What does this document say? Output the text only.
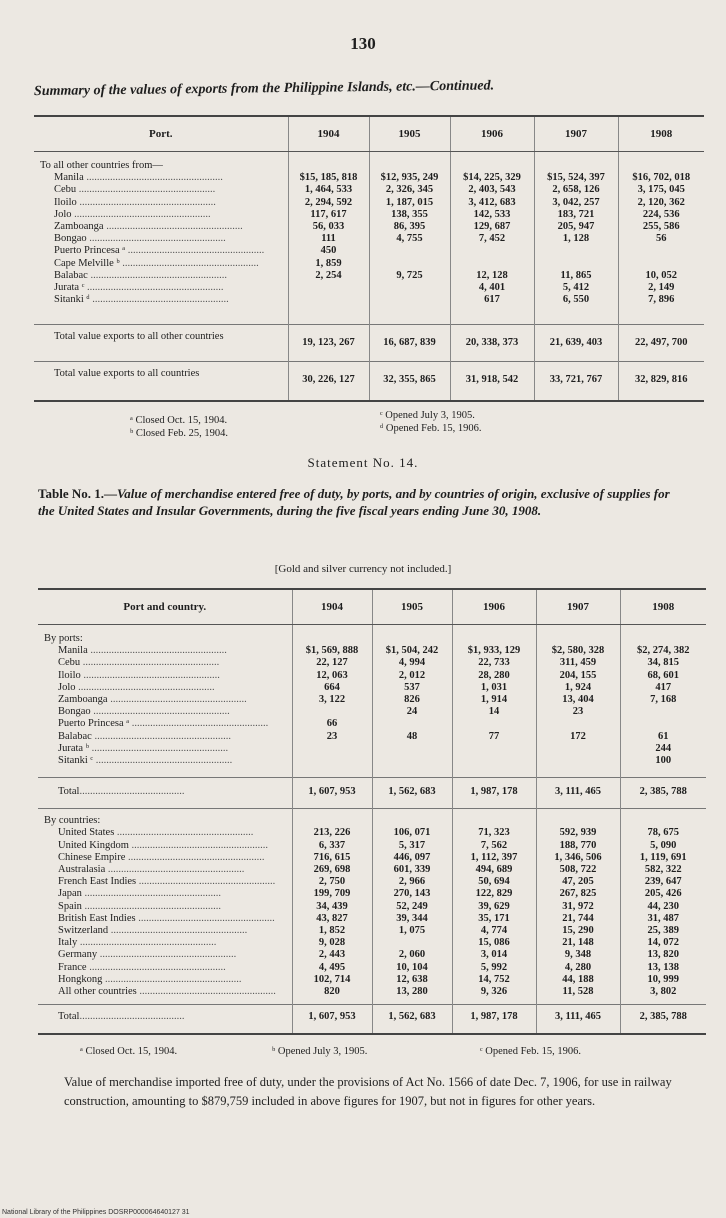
130
Summary of the values of exports from the Philippine Islands, etc.—Continued.
Port.	1904	1905	1906	1907	1908

To all other countries from—					
Manila ....................................................	$15, 185, 818	$12, 935, 249	$14, 225, 329	$15, 524, 397	$16, 702, 018
Cebu ....................................................	1, 464, 533	2, 326, 345	2, 403, 543	2, 658, 126	3, 175, 045
Iloilo ....................................................	2, 294, 592	1, 187, 015	3, 412, 683	3, 042, 257	2, 120, 362
Jolo ....................................................	117, 617	138, 355	142, 533	183, 721	224, 536
Zamboanga ....................................................	56, 033	86, 395	129, 687	205, 947	255, 586
Bongao ....................................................	111	4, 755	7, 452	1, 128	56
Puerto Princesa ᵃ ....................................................	450				
Cape Melville ᵇ ....................................................	1, 859				
Balabac ....................................................	2, 254	9, 725	12, 128	11, 865	10, 052
Jurata ᶜ ....................................................			4, 401	5, 412	2, 149
Sitanki ᵈ ....................................................			617	6, 550	7, 896

Total value exports to all other countries	19, 123, 267	16, 687, 839	20, 338, 373	21, 639, 403	22, 497, 700
Total value exports to all countries	30, 226, 127	32, 355, 865	31, 918, 542	33, 721, 767	32, 829, 816
ᵃ Closed Oct. 15, 1904.
ᵇ Closed Feb. 25, 1904.
ᶜ Opened July 3, 1905.
ᵈ Opened Feb. 15, 1906.
Statement No. 14.
Table No. 1.—Value of merchandise entered free of duty, by ports, and by countries of origin, exclusive of supplies for the United States and Insular Governments, during the five fiscal years ending June 30, 1908.
[Gold and silver currency not included.]
Port and country.	1904	1905	1906	1907	1908

By ports:					
Manila ....................................................	$1, 569, 888	$1, 504, 242	$1, 933, 129	$2, 580, 328	$2, 274, 382
Cebu ....................................................	22, 127	4, 994	22, 733	311, 459	34, 815
Iloilo ....................................................	12, 063	2, 012	28, 280	204, 155	68, 601
Jolo ....................................................	664	537	1, 031	1, 924	417
Zamboanga ....................................................	3, 122	826	1, 914	13, 404	7, 168
Bongao ....................................................		24	14	23	
Puerto Princesa ᵃ ....................................................	66				
Balabac ....................................................	23	48	77	172	61
Jurata ᵇ ....................................................					244
Sitanki ᶜ ....................................................					100

Total........................................	1, 607, 953	1, 562, 683	1, 987, 178	3, 111, 465	2, 385, 788

By countries:					
United States ....................................................	213, 226	106, 071	71, 323	592, 939	78, 675
United Kingdom ....................................................	6, 337	5, 317	7, 562	188, 770	5, 090
Chinese Empire ....................................................	716, 615	446, 097	1, 112, 397	1, 346, 506	1, 119, 691
Australasia ....................................................	269, 698	601, 339	494, 689	508, 722	582, 322
French East Indies ....................................................	2, 750	2, 966	50, 694	47, 205	239, 647
Japan ....................................................	199, 709	270, 143	122, 829	267, 825	205, 426
Spain ....................................................	34, 439	52, 249	39, 629	31, 972	44, 230
British East Indies ....................................................	43, 827	39, 344	35, 171	21, 744	31, 487
Switzerland ....................................................	1, 852	1, 075	4, 774	15, 290	25, 389
Italy ....................................................	9, 028		15, 086	21, 148	14, 072
Germany ....................................................	2, 443	2, 060	3, 014	9, 348	13, 820
France ....................................................	4, 495	10, 104	5, 992	4, 280	13, 138
Hongkong ....................................................	102, 714	12, 638	14, 752	44, 188	10, 999
All other countries ....................................................	820	13, 280	9, 326	11, 528	3, 802

Total........................................	1, 607, 953	1, 562, 683	1, 987, 178	3, 111, 465	2, 385, 788
ᵃ Closed Oct. 15, 1904.	ᵇ Opened July 3, 1905.	ᶜ Opened Feb. 15, 1906.
Value of merchandise imported free of duty, under the provisions of Act No. 1566 of date Dec. 7, 1906, for use in railway construction, amounting to $879,759 included in above figures for 1907, but not in figures for other years.
National Library of the Philippines DOSRP000064640127 31
